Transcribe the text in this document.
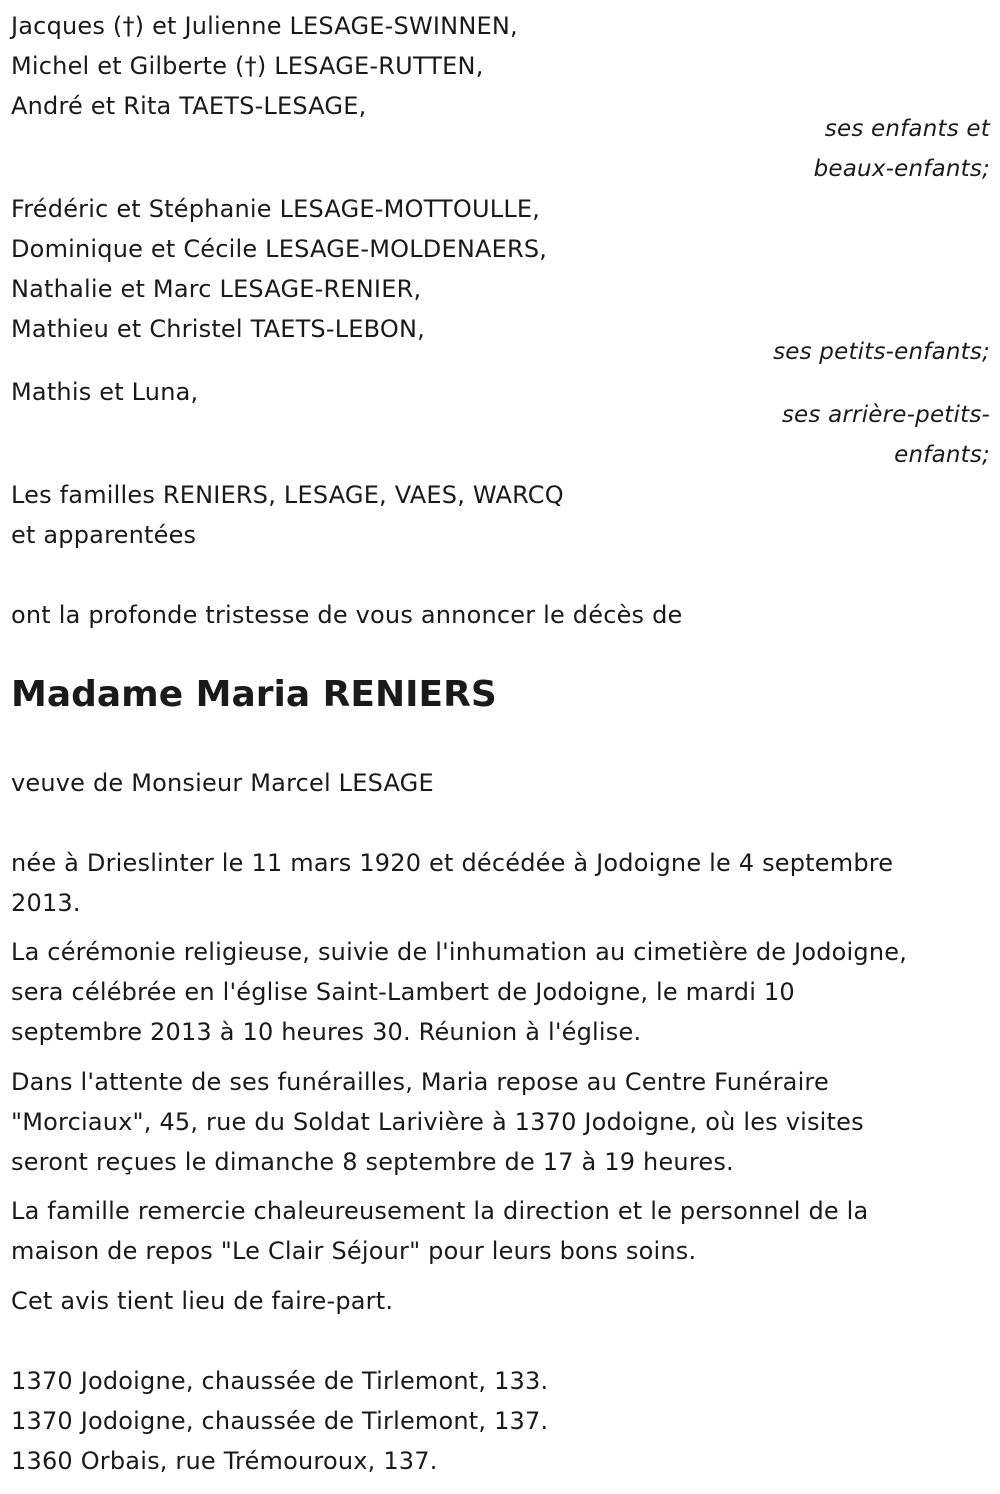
Jacques (†) et Julienne LESAGE-SWINNEN,
Michel et Gilberte (†) LESAGE-RUTTEN,
André et Rita TAETS-LESAGE,
ses enfants et
beaux-enfants;
Frédéric et Stéphanie LESAGE-MOTTOULLE,
Dominique et Cécile LESAGE-MOLDENAERS,
Nathalie et Marc LESAGE-RENIER,
Mathieu et Christel TAETS-LEBON,
ses petits-enfants;
Mathis et Luna,
ses arrière-petits-
enfants;
Les familles RENIERS, LESAGE, VAES, WARCQ
et apparentées
ont la profonde tristesse de vous annoncer le décès de
Madame Maria RENIERS
veuve de Monsieur Marcel LESAGE
née à Drieslinter le 11 mars 1920 et décédée à Jodoigne le 4 septembre
2013.
La cérémonie religieuse, suivie de l'inhumation au cimetière de Jodoigne,
sera célébrée en l'église Saint-Lambert de Jodoigne, le mardi 10
septembre 2013 à 10 heures 30. Réunion à l'église.
Dans l'attente de ses funérailles, Maria repose au Centre Funéraire
"Morciaux", 45, rue du Soldat Larivière à 1370 Jodoigne, où les visites
seront reçues le dimanche 8 septembre de 17 à 19 heures.
La famille remercie chaleureusement la direction et le personnel de la
maison de repos "Le Clair Séjour" pour leurs bons soins.
Cet avis tient lieu de faire-part.
1370 Jodoigne, chaussée de Tirlemont, 133.
1370 Jodoigne, chaussée de Tirlemont, 137.
1360 Orbais, rue Trémouroux, 137.
